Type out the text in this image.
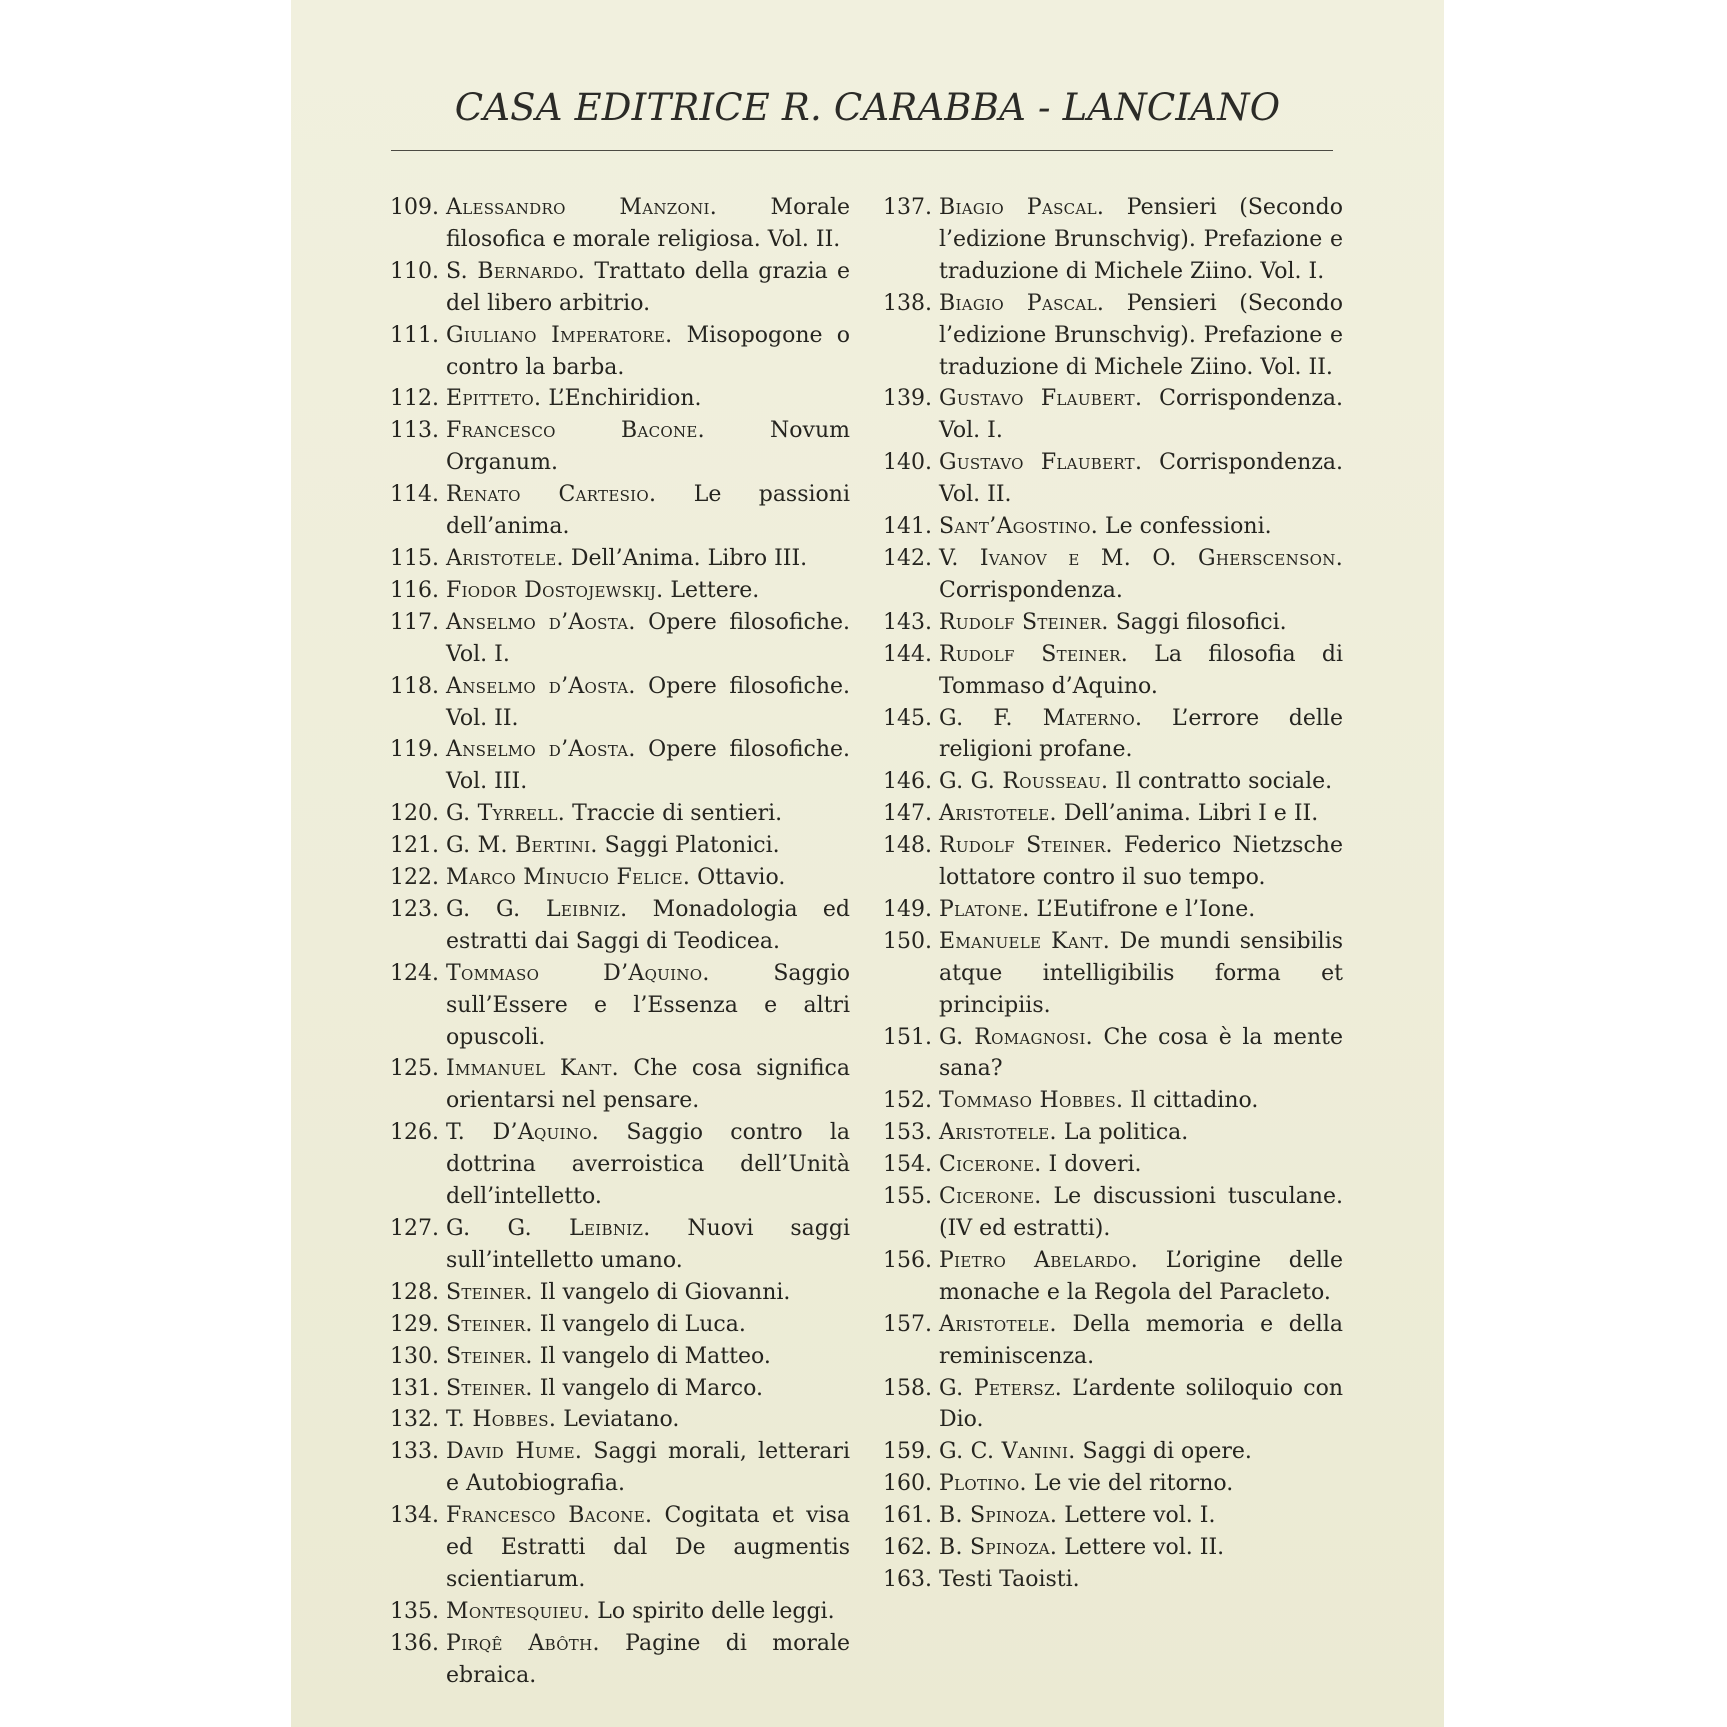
CASA EDITRICE R. CARABBA - LANCIANO
109. Alessandro Manzoni. Morale filosofica e morale religiosa. Vol. II.
110. S. Bernardo. Trattato della grazia e del libero arbitrio.
111. Giuliano Imperatore. Misopogone o contro la barba.
112. Epitteto. L’Enchiridion.
113. Francesco Bacone.	Novum Organum.
114. Renato Cartesio. Le passioni dell’anima.
115. Aristotele. Dell’Anima. Libro III.
116. Fiodor Dostojewskij. Lettere.
117. Anselmo d’Aosta. Opere filosofiche. Vol. I.
118. Anselmo d’Aosta. Opere filosofiche. Vol. II.
119. Anselmo d’Aosta. Opere filosofiche. Vol. III.
120. G. Tyrrell. Traccie di sentieri.
121. G. M. Bertini. Saggi Platonici.
122. Marco Minucio Felice. Ottavio.
123. G. G. Leibniz. Monadologia ed estratti dai Saggi di Teodicea.
124. Tommaso D’Aquino.	Saggio sull’Essere e l’Essenza e altri opuscoli.
125. Immanuel Kant. Che cosa significa orientarsi nel pensare.
126. T. D’Aquino. Saggio contro la dottrina averroistica dell’Unità dell’intelletto.
127. G. G. Leibniz. Nuovi saggi sull’intelletto umano.
128. Steiner. Il vangelo di Giovanni.
129. Steiner. Il vangelo di Luca.
130. Steiner. Il vangelo di Matteo.
131. Steiner. Il vangelo di Marco.
132. T. Hobbes. Leviatano.
133. David Hume. Saggi morali, letterari e Autobiografia.
134. Francesco Bacone. Cogitata et visa ed Estratti dal De augmentis scientiarum.
135. Montesquieu. Lo spirito delle leggi.
136. Pirqê Abôth. Pagine di morale ebraica.
137. Biagio Pascal. Pensieri (Secondo l’edizione Brunschvig). Prefazione e traduzione di Michele Ziino. Vol. I.
138. Biagio Pascal. Pensieri (Secondo l’edizione Brunschvig). Prefazione e traduzione di Michele Ziino. Vol. II.
139. Gustavo Flaubert. Corrispondenza. Vol. I.
140. Gustavo Flaubert. Corrispondenza. Vol. II.
141. Sant’Agostino. Le confessioni.
142. V. Ivanov e M. O. Gherscenson. Corrispondenza.
143. Rudolf Steiner. Saggi filosofici.
144. Rudolf Steiner. La filosofia di Tommaso d’Aquino.
145. G. F. Materno. L’errore delle religioni profane.
146. G. G. Rousseau. Il contratto sociale.
147. Aristotele. Dell’anima. Libri I e II.
148. Rudolf Steiner. Federico Nietzsche lottatore contro il suo tempo.
149. Platone. L’Eutifrone e l’Ione.
150. Emanuele Kant. De mundi sensibilis atque intelligibilis forma et principiis.
151. G. Romagnosi. Che cosa è la mente sana?
152. Tommaso Hobbes. Il cittadino.
153. Aristotele. La politica.
154. Cicerone. I doveri.
155. Cicerone. Le discussioni tusculane. (IV ed estratti).
156. Pietro Abelardo. L’origine delle monache e la Regola del Paracleto.
157. Aristotele. Della memoria e della reminiscenza.
158. G. Petersz. L’ardente soliloquio con Dio.
159. G. C. Vanini. Saggi di opere.
160. Plotino. Le vie del ritorno.
161. B. Spinoza. Lettere vol. I.
162. B. Spinoza. Lettere vol. II.
163. Testi Taoisti.
